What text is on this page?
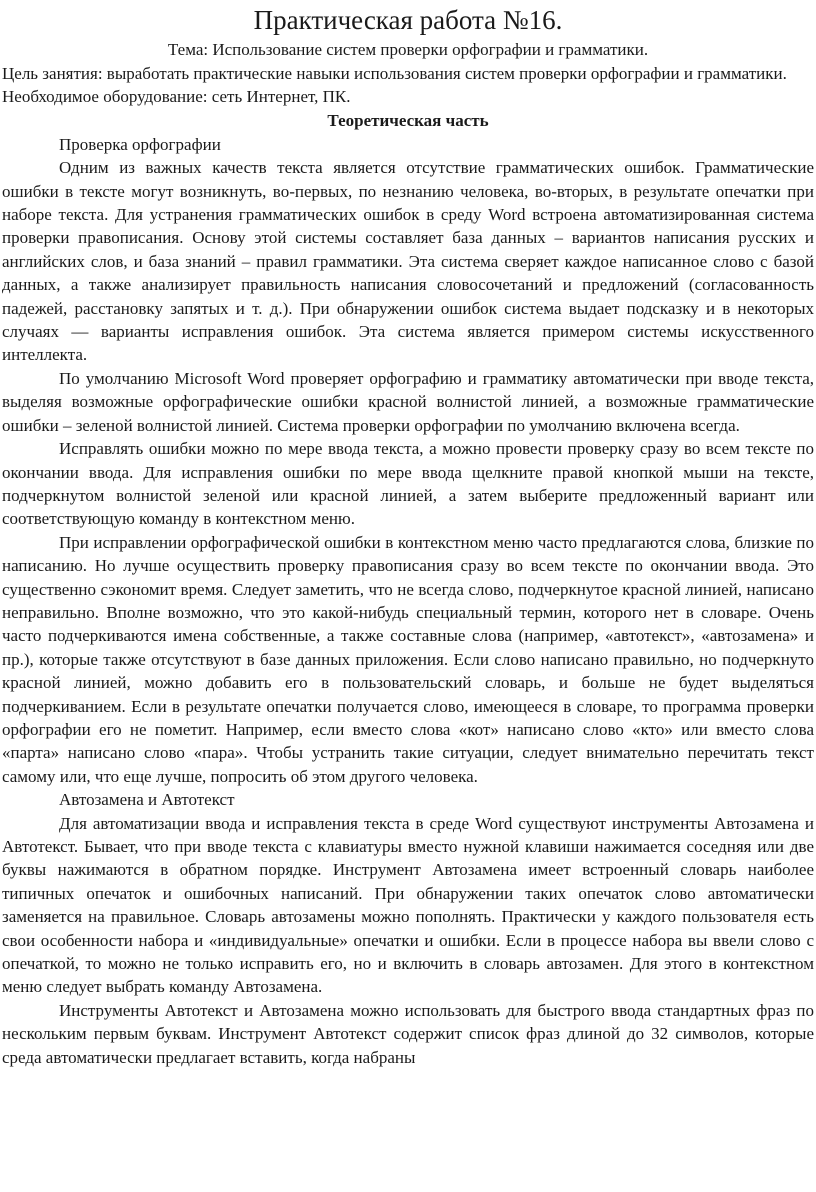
Практическая работа №16.

Тема: Использование систем проверки орфографии и грамматики.

Цель занятия: выработать практические навыки использования систем проверки орфографии и грамматики.

Необходимое оборудование: сеть Интернет, ПК.

Теоретическая часть

Проверка орфографии

Одним из важных качеств текста является отсутствие грамматических ошибок. Грамматические ошибки в тексте могут возникнуть, во-первых, по незнанию человека, во-вторых, в результате опечатки при наборе текста. Для устранения грамматических ошибок в среду Word встроена автоматизированная система проверки правописания. Основу этой системы составляет база данных – вариантов написания русских и английских слов, и база знаний – правил грамматики. Эта система сверяет каждое написанное слово с базой данных, а также анализирует правильность написания словосочетаний и предложений (согласованность падежей, расстановку запятых и т. д.). При обнаружении ошибок система выдает подсказку и в некоторых случаях — варианты исправления ошибок. Эта система является примером системы искусственного интеллекта.

По умолчанию Microsoft Word проверяет орфографию и грамматику автоматически при вводе текста, выделяя возможные орфографические ошибки красной волнистой линией, а возможные грамматические ошибки – зеленой волнистой линией. Система проверки орфографии по умолчанию включена всегда.

Исправлять ошибки можно по мере ввода текста, а можно провести проверку сразу во всем тексте по окончании ввода. Для исправления ошибки по мере ввода щелкните правой кнопкой мыши на тексте, подчеркнутом волнистой зеленой или красной линией, а затем выберите предложенный вариант или соответствующую команду в контекстном меню.

При исправлении орфографической ошибки в контекстном меню часто предлагаются слова, близкие по написанию. Но лучше осуществить проверку правописания сразу во всем тексте по окончании ввода. Это существенно сэкономит время. Следует заметить, что не всегда слово, подчеркнутое красной линией, написано неправильно. Вполне возможно, что это какой-нибудь специальный термин, которого нет в словаре. Очень часто подчеркиваются имена собственные, а также составные слова (например, «автотекст», «автозамена» и пр.), которые также отсутствуют в базе данных приложения. Если слово написано правильно, но подчеркнуто красной линией, можно добавить его в пользовательский словарь, и больше не будет выделяться подчеркиванием. Если в результате опечатки получается слово, имеющееся в словаре, то программа проверки орфографии его не пометит. Например, если вместо слова «кот» написано слово «кто» или вместо слова «парта» написано слово «пара». Чтобы устранить такие ситуации, следует внимательно перечитать текст самому или, что еще лучше, попросить об этом другого человека.

Автозамена и Автотекст

Для автоматизации ввода и исправления текста в среде Word существуют инструменты Автозамена и Автотекст. Бывает, что при вводе текста с клавиатуры вместо нужной клавиши нажимается соседняя или две буквы нажимаются в обратном порядке. Инструмент Автозамена имеет встроенный словарь наиболее типичных опечаток и ошибочных написаний. При обнаружении таких опечаток слово автоматически заменяется на правильное. Словарь автозамены можно пополнять. Практически у каждого пользователя есть свои особенности набора и «индивидуальные» опечатки и ошибки. Если в процессе набора вы ввели слово с опечаткой, то можно не только исправить его, но и включить в словарь автозамен. Для этого в контекстном меню следует выбрать команду Автозамена.

Инструменты Автотекст и Автозамена можно использовать для быстрого ввода стандартных фраз по нескольким первым буквам. Инструмент Автотекст содержит список фраз длиной до 32 символов, которые среда автоматически предлагает вставить, когда набраны
